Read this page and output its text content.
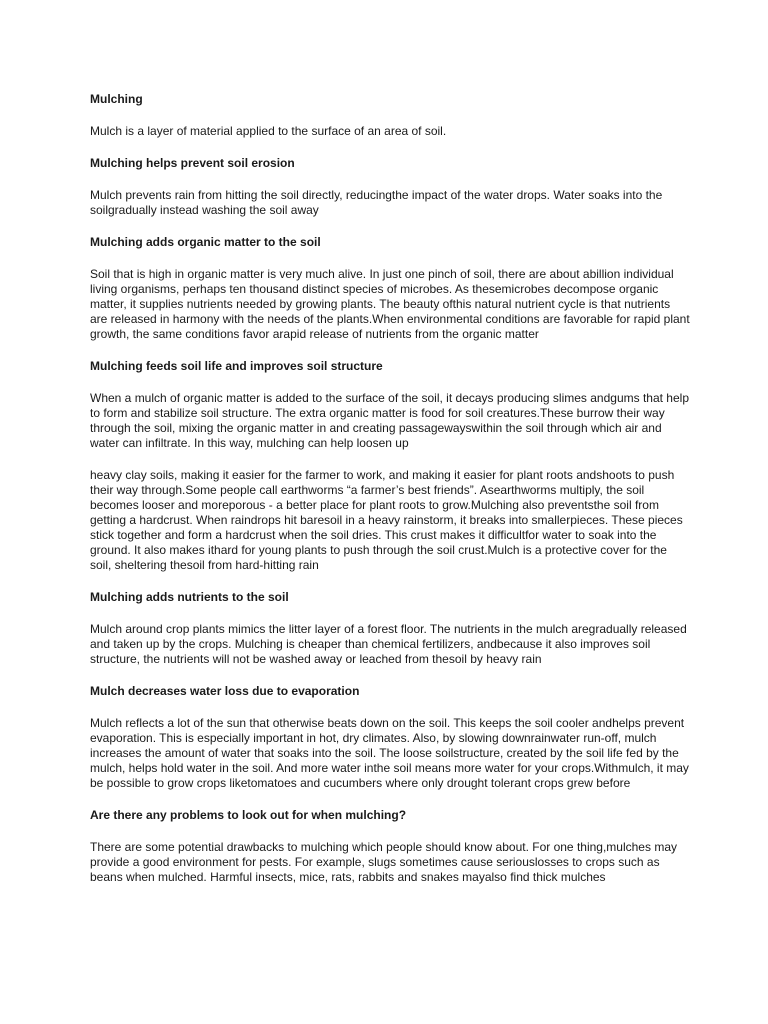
Mulching

Mulch is a layer of material applied to the surface of an area of soil.

Mulching helps prevent soil erosion

Mulch prevents rain from hitting the soil directly, reducingthe impact of the water drops. Water soaks into the soilgradually instead washing the soil away

Mulching adds organic matter to the soil

Soil that is high in organic matter is very much alive. In just one pinch of soil, there are about abillion individual living organisms, perhaps ten thousand distinct species of microbes. As thesemicrobes decompose organic matter, it supplies nutrients needed by growing plants. The beauty ofthis natural nutrient cycle is that nutrients are released in harmony with the needs of the plants.When environmental conditions are favorable for rapid plant growth, the same conditions favor arapid release of nutrients from the organic matter

Mulching feeds soil life and improves soil structure

When a mulch of organic matter is added to the surface of the soil, it decays producing slimes andgums that help to form and stabilize soil structure. The extra organic matter is food for soil creatures.These burrow their way through the soil, mixing the organic matter in and creating passagewayswithin the soil through which air and water can infiltrate. In this way, mulching can help loosen up

heavy clay soils, making it easier for the farmer to work, and making it easier for plant roots andshoots to push their way through.Some people call earthworms “a farmer’s best friends”. Asearthworms multiply, the soil becomes looser and moreporous - a better place for plant roots to grow.Mulching also preventsthe soil from getting a hardcrust. When raindrops hit baresoil in a heavy rainstorm, it breaks into smallerpieces. These pieces stick together and form a hardcrust when the soil dries. This crust makes it difficultfor water to soak into the ground. It also makes ithard for young plants to push through the soil crust.Mulch is a protective cover for the soil, sheltering thesoil from hard-hitting rain

Mulching adds nutrients to the soil

Mulch around crop plants mimics the litter layer of a forest floor. The nutrients in the mulch aregradually released and taken up by the crops. Mulching is cheaper than chemical fertilizers, andbecause it also improves soil structure, the nutrients will not be washed away or leached from thesoil by heavy rain

Mulch decreases water loss due to evaporation

Mulch reflects a lot of the sun that otherwise beats down on the soil. This keeps the soil cooler andhelps prevent evaporation. This is especially important in hot, dry climates. Also, by slowing downrainwater run-off, mulch increases the amount of water that soaks into the soil. The loose soilstructure, created by the soil life fed by the mulch, helps hold water in the soil. And more water inthe soil means more water for your crops.Withmulch, it may be possible to grow crops liketomatoes and cucumbers where only drought tolerant crops grew before

Are there any problems to look out for when mulching?

There are some potential drawbacks to mulching which people should know about. For one thing,mulches may provide a good environment for pests. For example, slugs sometimes cause seriouslosses to crops such as beans when mulched. Harmful insects, mice, rats, rabbits and snakes mayalso find thick mulches
